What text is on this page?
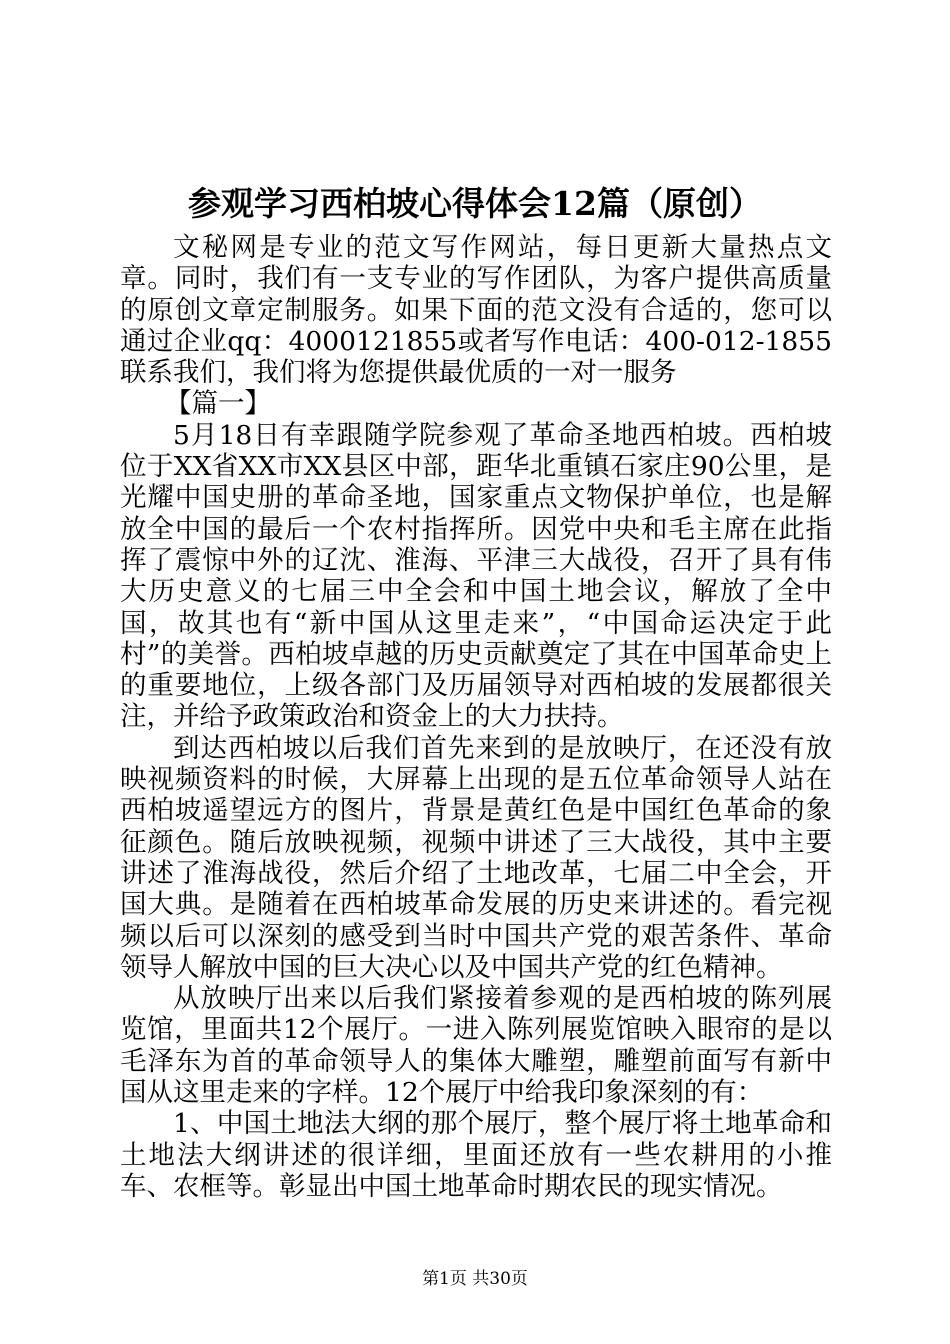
参观学习西柏坡心得体会12篇（原创）

文秘网是专业的范文写作网站，每日更新大量热点文章。同时，我们有一支专业的写作团队，为客户提供高质量的原创文章定制服务。如果下面的范文没有合适的，您可以通过企业qq：4000121855或者写作电话：400-012-1855联系我们，我们将为您提供最优质的一对一服务

【篇一】

5月18日有幸跟随学院参观了革命圣地西柏坡。西柏坡位于XX省XX市XX县区中部，距华北重镇石家庄90公里，是光耀中国史册的革命圣地，国家重点文物保护单位，也是解放全中国的最后一个农村指挥所。因党中央和毛主席在此指挥了震惊中外的辽沈、淮海、平津三大战役，召开了具有伟大历史意义的七届三中全会和中国土地会议，解放了全中国，故其也有“新中国从这里走来”，“中国命运决定于此村”的美誉。西柏坡卓越的历史贡献奠定了其在中国革命史上的重要地位，上级各部门及历届领导对西柏坡的发展都很关注，并给予政策政治和资金上的大力扶持。

到达西柏坡以后我们首先来到的是放映厅，在还没有放映视频资料的时候，大屏幕上出现的是五位革命领导人站在西柏坡遥望远方的图片，背景是黄红色是中国红色革命的象征颜色。随后放映视频，视频中讲述了三大战役，其中主要讲述了淮海战役，然后介绍了土地改革，七届二中全会，开国大典。是随着在西柏坡革命发展的历史来讲述的。看完视频以后可以深刻的感受到当时中国共产党的艰苦条件、革命领导人解放中国的巨大决心以及中国共产党的红色精神。

从放映厅出来以后我们紧接着参观的是西柏坡的陈列展览馆，里面共12个展厅。一进入陈列展览馆映入眼帘的是以毛泽东为首的革命领导人的集体大雕塑，雕塑前面写有新中国从这里走来的字样。12个展厅中给我印象深刻的有：

1、中国土地法大纲的那个展厅，整个展厅将土地革命和土地法大纲讲述的很详细，里面还放有一些农耕用的小推车、农框等。彰显出中国土地革命时期农民的现实情况。

第1页 共30页
